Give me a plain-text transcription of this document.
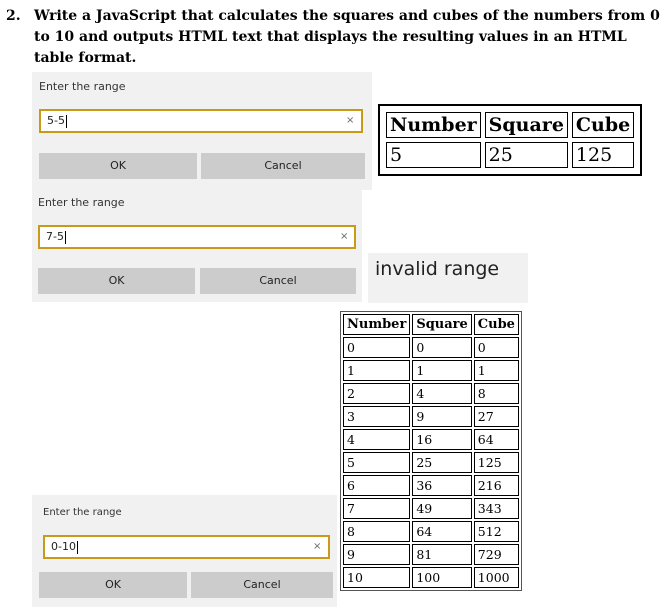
2. Write a JavaScript that calculates the squares and cubes of the numbers from 0 to 10 and outputs HTML text that displays the resulting values in an HTML table format.
Enter the range
5-5	×
OK	Cancel
Enter the range
7-5	×
OK	Cancel
Number	Square	Cube
5	25	125
invalid range
Number	Square	Cube
0	0	0
1	1	1
2	4	8
3	9	27
4	16	64
5	25	125
6	36	216
7	49	343
8	64	512
9	81	729
10	100	1000
Enter the range
0-10	×
OK	Cancel
